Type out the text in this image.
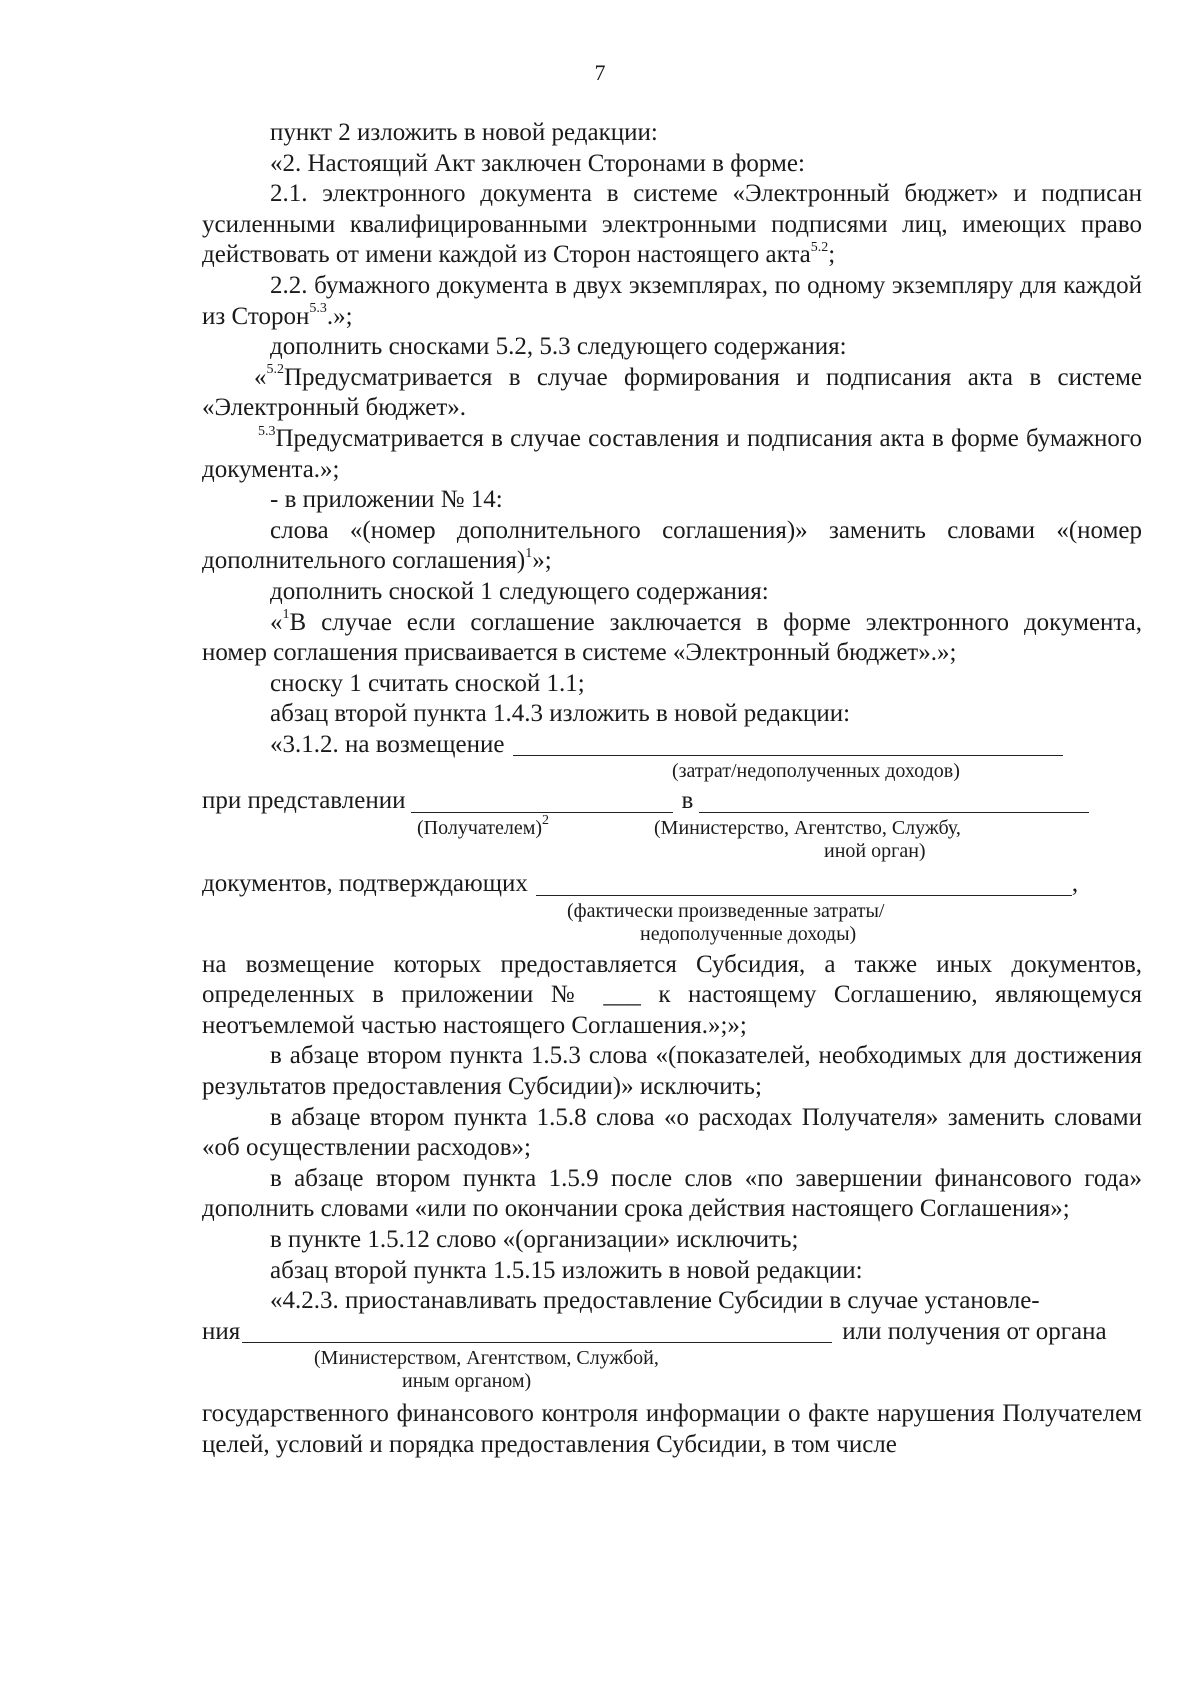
7

пункт 2 изложить в новой редакции:

«2. Настоящий Акт заключен Сторонами в форме:

2.1. электронного документа в системе «Электронный бюджет» и подписан усиленными квалифицированными электронными подписями лиц, имеющих право действовать от имени каждой из Сторон настоящего акта$^{5.2}$;

2.2. бумажного документа в двух экземплярах, по одному экземпляру для каждой из Сторон$^{5.3}$.»;

дополнить сносками 5.2, 5.3 следующего содержания:

«$^{5.2}$Предусматривается в случае формирования и подписания акта в системе «Электронный бюджет».

$^{5.3}$Предусматривается в случае составления и подписания акта в форме бумажного документа.»;

- в приложении № 14:

слова «(номер дополнительного соглашения)» заменить словами «(номер дополнительного соглашения)$^1$»;

дополнить сноской 1 следующего содержания:

«$^1$В случае если соглашение заключается в форме электронного документа, номер соглашения присваивается в системе «Электронный бюджет».»;

сноску 1 считать сноской 1.1;

абзац второй пункта 1.4.3 изложить в новой редакции:

«3.1.2. на возмещение
(затрат/недополученных доходов)
при представлении	в
(Получателем)$^2$	(Министерство, Агентство, Службу,
иной орган)
документов, подтверждающих	,
(фактически произведенные затраты/
недополученные доходы)

на возмещение которых предоставляется Субсидия, а также иных документов, определенных в приложении № ___ к настоящему Соглашению, являющемуся неотъемлемой частью настоящего Соглашения.»;»;

в абзаце втором пункта 1.5.3 слова «(показателей, необходимых для достижения результатов предоставления Субсидии)» исключить;

в абзаце втором пункта 1.5.8 слова «о расходах Получателя» заменить словами «об осуществлении расходов»;

в абзаце втором пункта 1.5.9 после слов «по завершении финансового года» дополнить словами «или по окончании срока действия настоящего Соглашения»;

в пункте 1.5.12 слово «(организации» исключить;

абзац второй пункта 1.5.15 изложить в новой редакции:

«4.2.3. приостанавливать предоставление Субсидии в случае установле-

ния	или получения от органа
(Министерством, Агентством, Службой,
иным органом)

государственного финансового контроля информации о факте нарушения Получателем целей, условий и порядка предоставления Субсидии, в том числе
